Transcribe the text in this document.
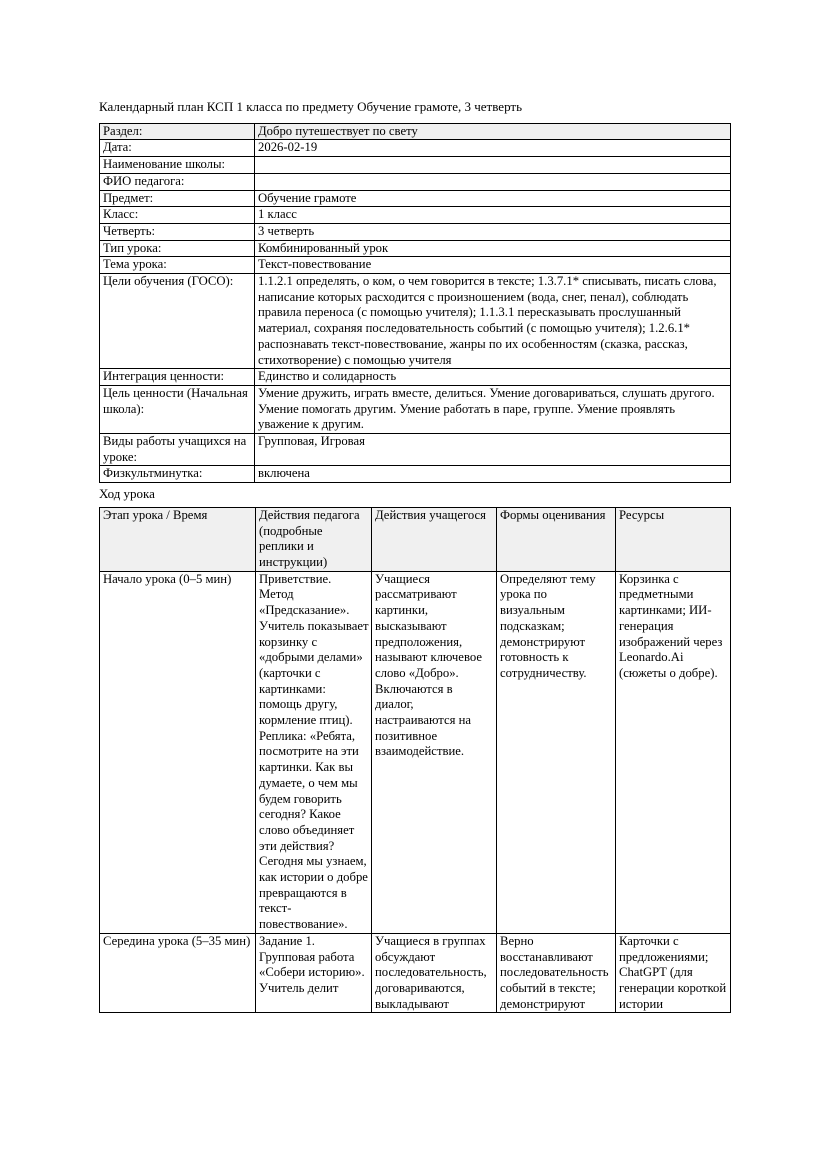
Календарный план КСП 1 класса по предмету Обучение грамоте, 3 четверть

Раздел:	Добро путешествует по свету
Дата:	2026-02-19
Наименование школы:	
ФИО педагога:	
Предмет:	Обучение грамоте
Класс:	1 класс
Четверть:	3 четверть
Тип урока:	Комбинированный урок
Тема урока:	Текст-повествование
Цели обучения (ГОСО):	1.1.2.1 определять, о ком, о чем говорится в тексте; 1.3.7.1* списывать, писать слова, написание которых расходится с произношением (вода, снег, пенал), соблюдать правила переноса (с помощью учителя); 1.1.3.1 пересказывать прослушанный материал, сохраняя последовательность событий (с помощью учителя); 1.2.6.1* распознавать текст-повествование, жанры по их особенностям (сказка, рассказ, стихотворение) с помощью учителя
Интеграция ценности:	Единство и солидарность
Цель ценности (Начальная школа):	Умение дружить, играть вместе, делиться. Умение договариваться, слушать другого. Умение помогать другим. Умение работать в паре, группе. Умение проявлять уважение к другим.
Виды работы учащихся на уроке:	Групповая, Игровая
Физкультминутка:	включена

Ход урока

Этап урока / Время	Действия педагога (подробные реплики и инструкции)	Действия учащегося	Формы оценивания	Ресурсы
Начало урока (0–5 мин)	Приветствие. Метод «Предсказание». Учитель показывает корзинку с «добрыми делами» (карточки с картинками: помощь другу, кормление птиц). Реплика: «Ребята, посмотрите на эти картинки. Как вы думаете, о чем мы будем говорить сегодня? Какое слово объединяет эти действия? Сегодня мы узнаем, как истории о добре превращаются в текст-повествование».	Учащиеся рассматривают картинки, высказывают предположения, называют ключевое слово «Добро». Включаются в диалог, настраиваются на позитивное взаимодействие.	Определяют тему урока по визуальным подсказкам; демонстрируют готовность к сотрудничеству.	Корзинка с предметными картинками; ИИ-генерация изображений через Leonardo.Ai (сюжеты о добре).

Середина урока (5–35 мин)	Задание 1. Групповая работа «Собери историю». Учитель делит	Учащиеся в группах обсуждают последовательность, договариваются, выкладывают	Верно восстанавливают последовательность событий в тексте; демонстрируют	Карточки с предложениями; ChatGPT (для генерации короткой истории
